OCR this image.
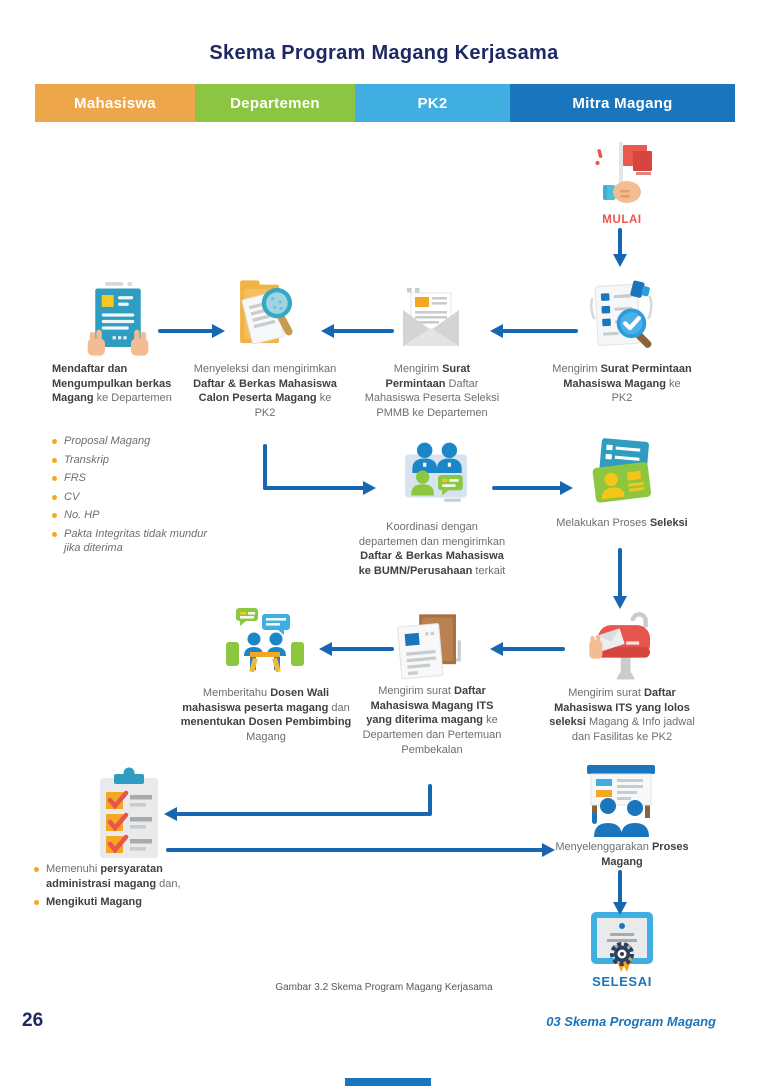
Skema Program Magang Kerjasama
Mahasiswa	Departemen	PK2	Mitra Magang
MULAI
Mendaftar dan Mengumpulkan berkas Magang ke Departemen
Proposal Magang
Transkrip
FRS
CV
No. HP
Pakta Integritas tidak mundur jika diterima
Menyeleksi dan mengirimkan Daftar & Berkas Mahasiswa Calon Peserta Magang ke PK2
Mengirim Surat Permintaan Daftar Mahasiswa Peserta Seleksi PMMB ke Departemen
Mengirim Surat Permintaan Mahasiswa Magang ke PK2
Koordinasi dengan departemen dan mengirimkan Daftar & Berkas Mahasiswa ke BUMN/Perusahaan terkait
Melakukan Proses Seleksi
Mengirim surat Daftar Mahasiswa ITS yang lolos seleksi Magang & Info jadwal dan Fasilitas ke PK2
Mengirim surat Daftar Mahasiswa Magang ITS yang diterima magang ke Departemen dan Pertemuan Pembekalan
Memberitahu Dosen Wali mahasiswa peserta magang dan menentukan Dosen Pembimbing Magang
Memenuhi persyaratan administrasi magang dan,
Mengikuti Magang
Menyelenggarakan Proses Magang
SELESAI
Gambar 3.2 Skema Program Magang Kerjasama
26	03 Skema Program Magang
